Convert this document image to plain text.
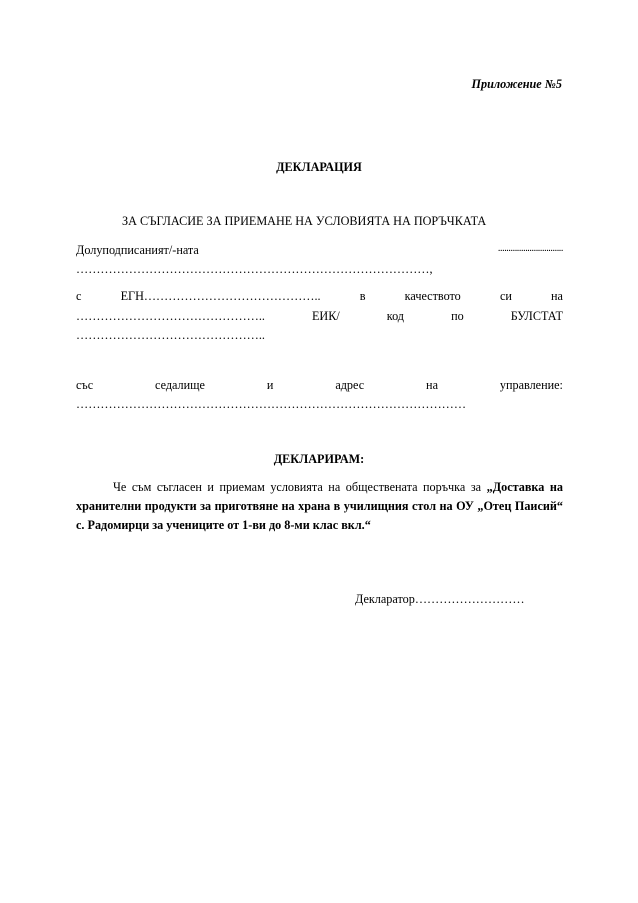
Приложение №5
ДЕКЛАРАЦИЯ
ЗА СЪГЛАСИЕ ЗА ПРИЕМАНЕ НА УСЛОВИЯТА НА ПОРЪЧКАТА
Долуподписаният/-ната	...............................
……………………………………………………………………………,
с	ЕГН……………………………………..	в	качеството	си	на
………………………………………..	ЕИК/	код	по	БУЛСТАТ
………………………………………..
със	седалище	и	адрес	на	управление:
……………………………………………………………………………………
ДЕКЛАРИРАМ:
Че съм съгласен и приемам условията на обществената поръчка за „Доставка на хранителни продукти за приготвяне на храна в училищния стол на ОУ „Отец Паисий“ с. Радомирци за учениците от 1-ви до 8-ми клас вкл.“
Декларатор………………………
